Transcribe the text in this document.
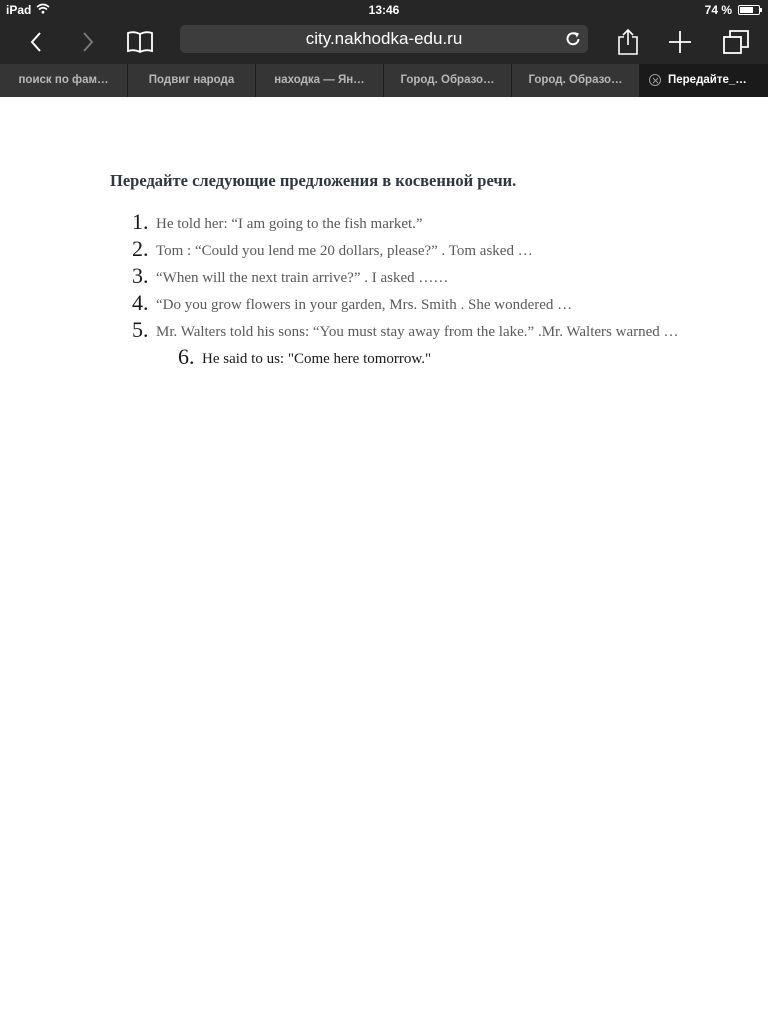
iPad	13:46	74 %
city.nakhodka-edu.ru
поиск по фам…	Подвиг народа	находка — Ян…	Город. Образо…	Город. Образо…	Передайте_…
Передайте следующие предложения в косвенной речи.
1. He told her: “I am going to the fish market.”
2. Tom : “Could you lend me 20 dollars, please?” . Tom asked …
3. “When will the next train arrive?” . I asked ……
4. “Do you grow flowers in your garden, Mrs. Smith . She wondered …
5. Mr. Walters told his sons: “You must stay away from the lake.” .Mr. Walters warned …
6. He said to us: "Come here tomorrow."
